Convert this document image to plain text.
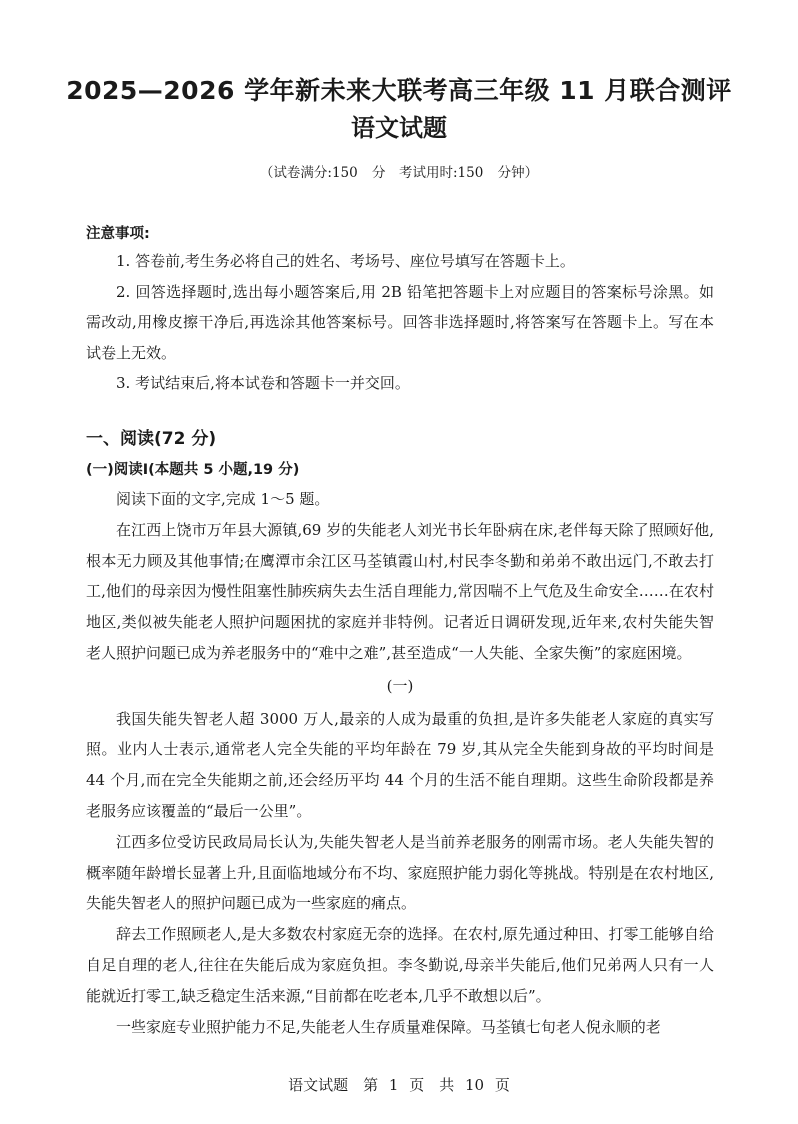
2025—2026 学年新未来大联考高三年级 11 月联合测评
语文试题
（试卷满分:150 分　考试用时:150 分钟）
注意事项:

1. 答卷前,考生务必将自己的姓名、考场号、座位号填写在答题卡上。

2. 回答选择题时,选出每小题答案后,用 2B 铅笔把答题卡上对应题目的答案标号涂黑。如需改动,用橡皮擦干净后,再选涂其他答案标号。回答非选择题时,将答案写在答题卡上。写在本试卷上无效。

3. 考试结束后,将本试卷和答题卡一并交回。

一、阅读(72 分)
(一)阅读Ⅰ(本题共 5 小题,19 分)

阅读下面的文字,完成 1～5 题。

在江西上饶市万年县大源镇,69 岁的失能老人刘光书长年卧病在床,老伴每天除了照顾好他,根本无力顾及其他事情;在鹰潭市余江区马荃镇霞山村,村民李冬勤和弟弟不敢出远门,不敢去打工,他们的母亲因为慢性阻塞性肺疾病失去生活自理能力,常因喘不上气危及生命安全……在农村地区,类似被失能老人照护问题困扰的家庭并非特例。记者近日调研发现,近年来,农村失能失智老人照护问题已成为养老服务中的“难中之难”,甚至造成“一人失能、全家失衡”的家庭困境。

(一)

我国失能失智老人超 3000 万人,最亲的人成为最重的负担,是许多失能老人家庭的真实写照。业内人士表示,通常老人完全失能的平均年龄在 79 岁,其从完全失能到身故的平均时间是 44 个月,而在完全失能期之前,还会经历平均 44 个月的生活不能自理期。这些生命阶段都是养老服务应该覆盖的“最后一公里”。

江西多位受访民政局局长认为,失能失智老人是当前养老服务的刚需市场。老人失能失智的概率随年龄增长显著上升,且面临地域分布不均、家庭照护能力弱化等挑战。特别是在农村地区,失能失智老人的照护问题已成为一些家庭的痛点。

辞去工作照顾老人,是大多数农村家庭无奈的选择。在农村,原先通过种田、打零工能够自给自足自理的老人,往往在失能后成为家庭负担。李冬勤说,母亲半失能后,他们兄弟两人只有一人能就近打零工,缺乏稳定生活来源,“目前都在吃老本,几乎不敢想以后”。

一些家庭专业照护能力不足,失能老人生存质量难保障。马荃镇七旬老人倪永顺的老

语文试题　第 1 页　共 10 页
